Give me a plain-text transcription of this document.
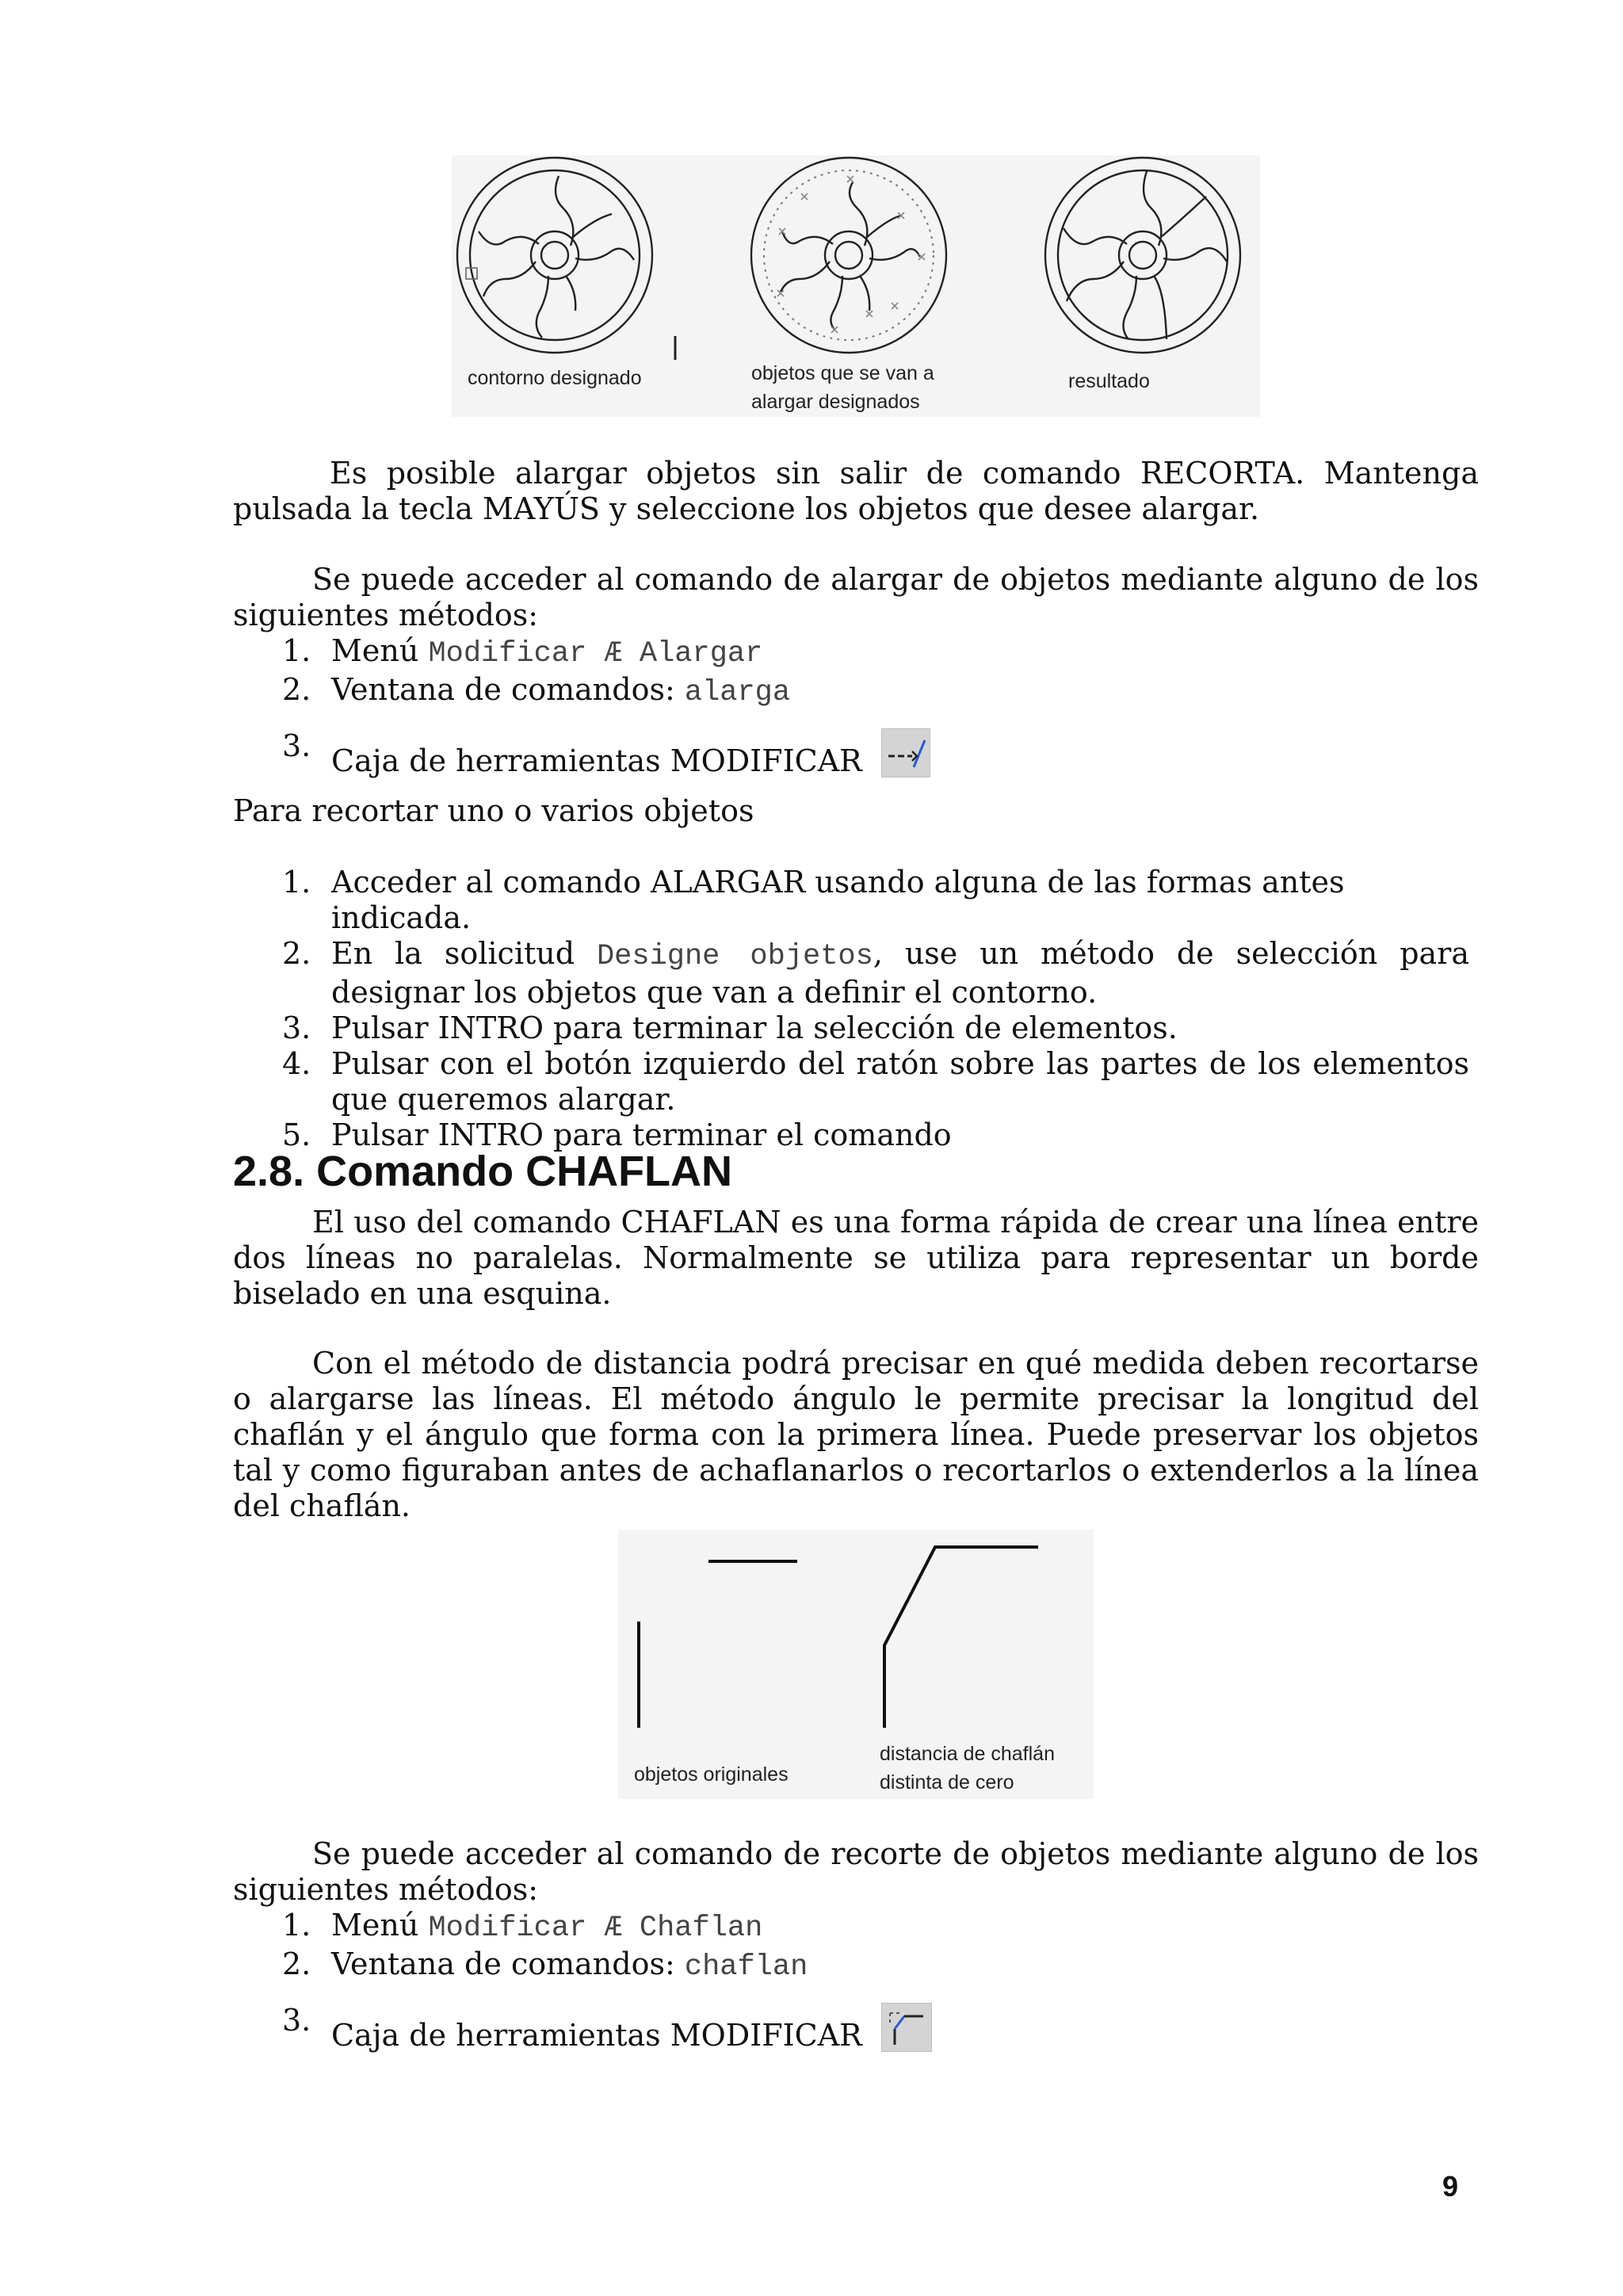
contorno designado	objetos que se van a
alargar designados
resultado

Es posible alargar objetos sin salir de comando RECORTA. Mantenga pulsada la tecla MAYÚS y seleccione los objetos que desee alargar.

Se puede acceder al comando de alargar de objetos mediante alguno de los siguientes métodos:

1. Menú Modificar Æ Alargar
2. Ventana de comandos: alarga
3. Caja de herramientas MODIFICAR

Para recortar uno o varios objetos

1. Acceder al comando ALARGAR usando alguna de las formas antes indicada.
2. En la solicitud Designe objetos, use un método de selección para designar los objetos que van a definir el contorno.
3. Pulsar INTRO para terminar la selección de elementos.
4. Pulsar con el botón izquierdo del ratón sobre las partes de los elementos que queremos alargar.
5. Pulsar INTRO para terminar el comando
2.8. Comando CHAFLAN

El uso del comando CHAFLAN es una forma rápida de crear una línea entre dos líneas no paralelas. Normalmente se utiliza para representar un borde biselado en una esquina.

Con el método de distancia podrá precisar en qué medida deben recortarse o alargarse las líneas. El método ángulo le permite precisar la longitud del chaflán y el ángulo que forma con la primera línea. Puede preservar los objetos tal y como figuraban antes de achaflanarlos o recortarlos o extenderlos a la línea del chaflán.

objetos originales
distancia de chaflán
distinta de cero

Se puede acceder al comando de recorte de objetos mediante alguno de los siguientes métodos:

1. Menú Modificar Æ Chaflan
2. Ventana de comandos: chaflan
3. Caja de herramientas MODIFICAR
9
